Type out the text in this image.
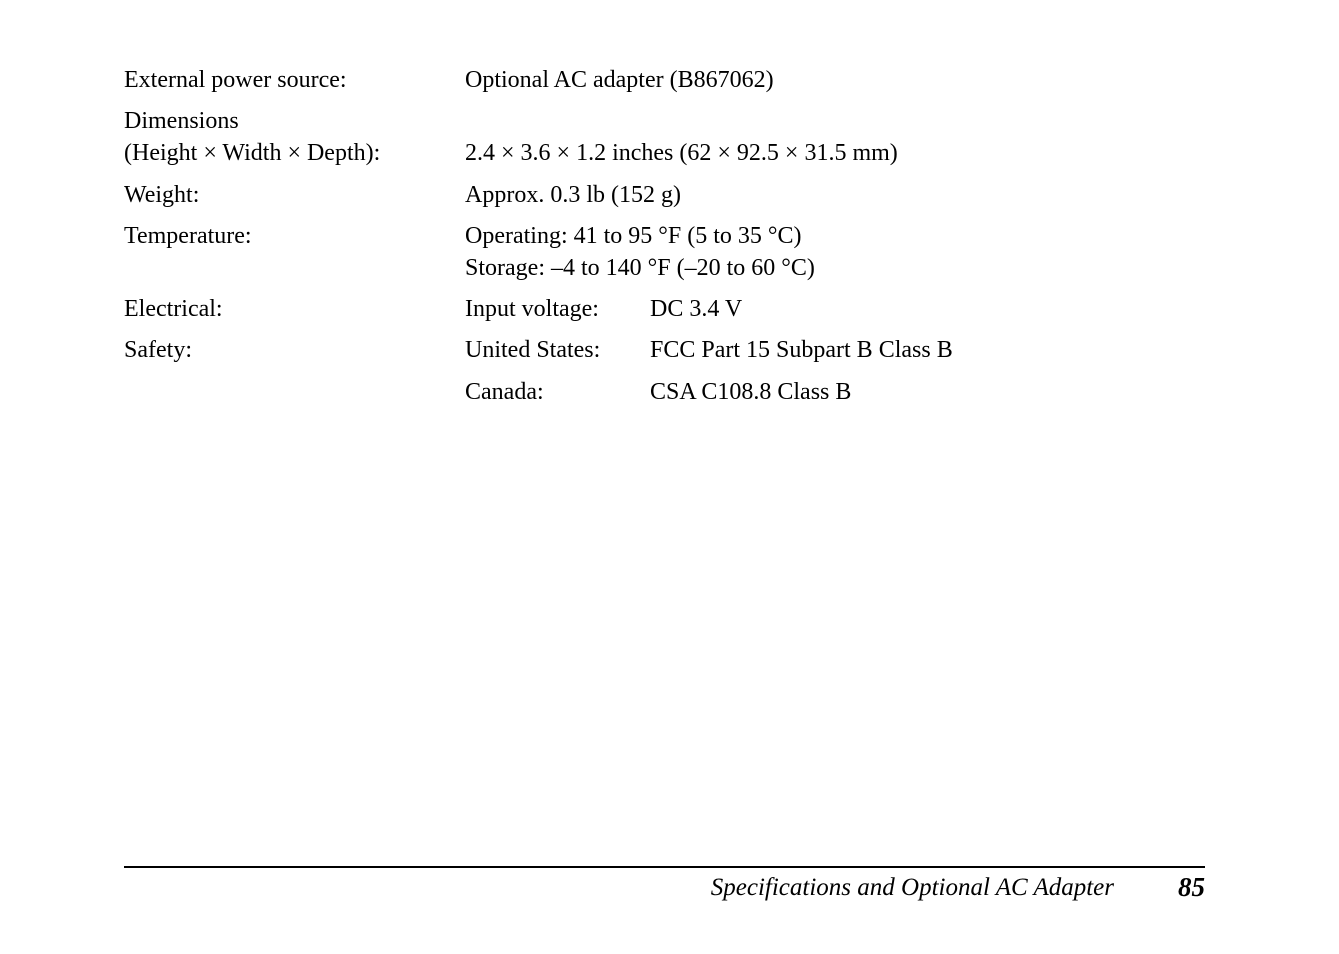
External power source:	Optional AC adapter (B867062)
Dimensions
(Height × Width × Depth):
	2.4 × 3.6 × 1.2 inches (62 × 92.5 × 31.5 mm)
Weight:	Approx. 0.3 lb (152 g)
Temperature:	Operating: 41 to 95 °F (5 to 35 °C)
Storage: –4 to 140 °F (–20 to 60 °C)
Electrical:	Input voltage:	DC 3.4 V
Safety:	United States:	FCC Part 15 Subpart B Class B
Canada:	CSA C108.8 Class B
Specifications and Optional AC Adapter 85
